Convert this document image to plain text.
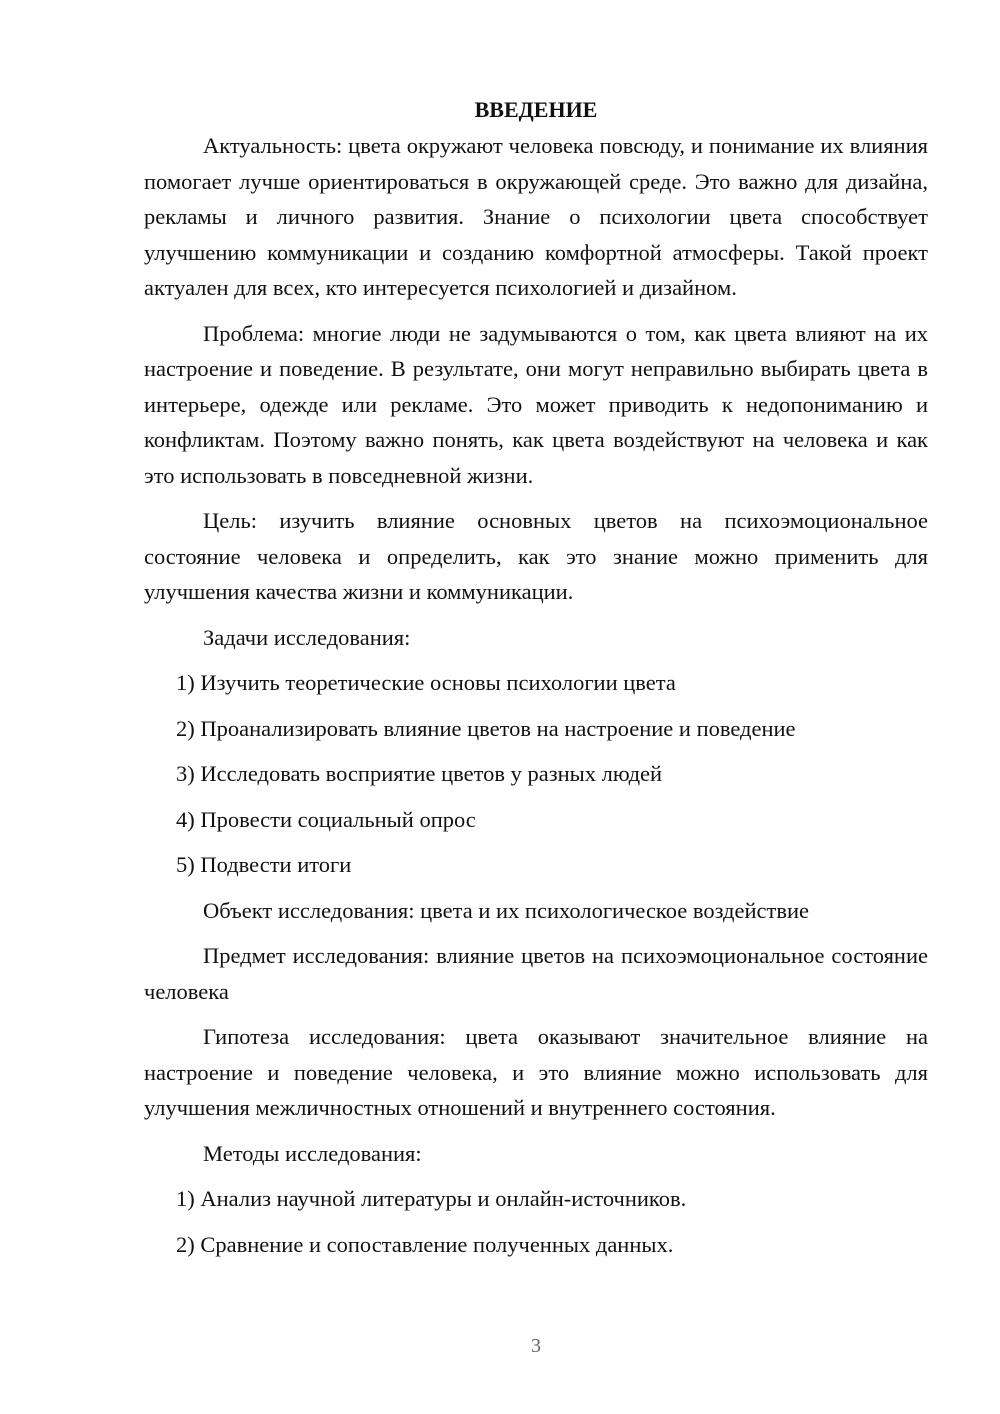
ВВЕДЕНИЕ

Актуальность: цвета окружают человека повсюду, и понимание их влияния помогает лучше ориентироваться в окружающей среде. Это важно для дизайна, рекламы и личного развития. Знание о психологии цвета способствует улучшению коммуникации и созданию комфортной атмосферы. Такой проект актуален для всех, кто интересуется психологией и дизайном.

Проблема: многие люди не задумываются о том, как цвета влияют на их настроение и поведение. В результате, они могут неправильно выбирать цвета в интерьере, одежде или рекламе. Это может приводить к недопониманию и конфликтам. Поэтому важно понять, как цвета воздействуют на человека и как это использовать в повседневной жизни.

Цель: изучить влияние основных цветов на психоэмоциональное состояние человека и определить, как это знание можно применить для улучшения качества жизни и коммуникации.

Задачи исследования:

1) Изучить теоретические основы психологии цвета
2) Проанализировать влияние цветов на настроение и поведение
3) Исследовать восприятие цветов у разных людей
4) Провести социальный опрос
5) Подвести итоги

Объект исследования: цвета и их психологическое воздействие

Предмет исследования: влияние цветов на психоэмоциональное состояние человека

Гипотеза исследования: цвета оказывают значительное влияние на настроение и поведение человека, и это влияние можно использовать для улучшения межличностных отношений и внутреннего состояния.

Методы исследования:

1) Анализ научной литературы и онлайн-источников.
2) Сравнение и сопоставление полученных данных.
3
